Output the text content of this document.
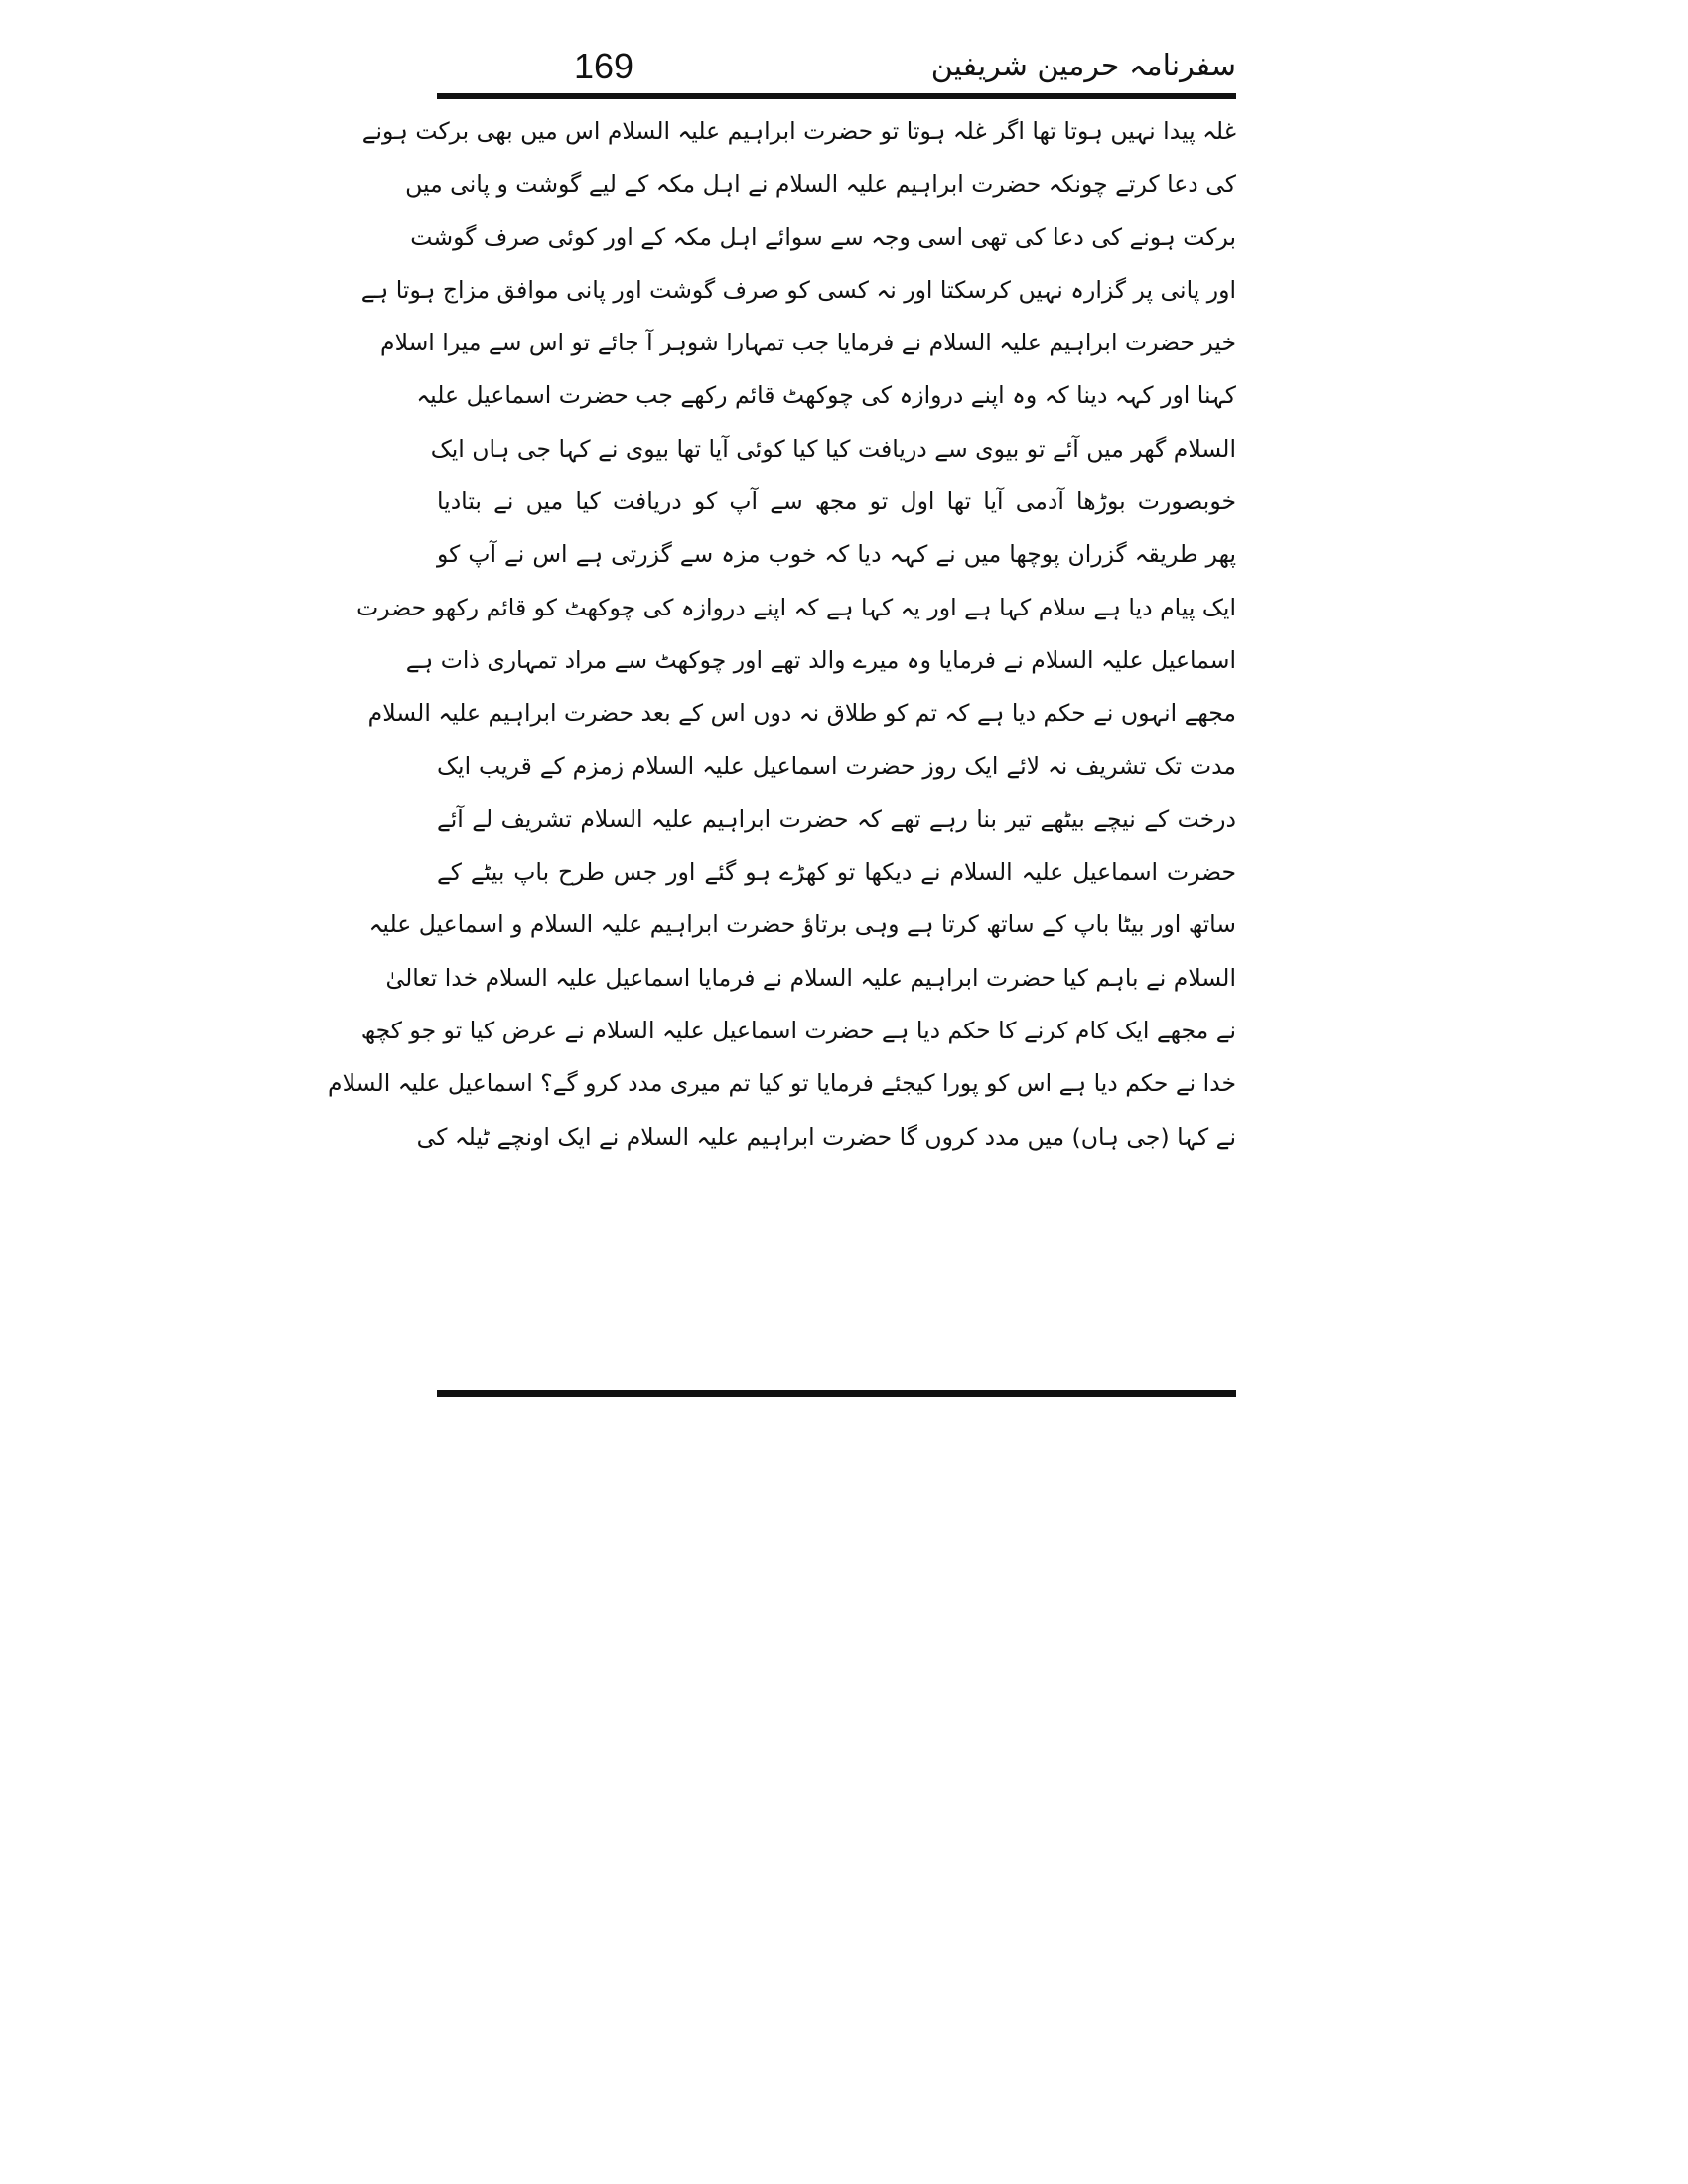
169	سفرنامہ حرمین شریفین
غلہ پیدا نہیں ہوتا تھا اگر غلہ ہوتا تو حضرت ابراہیم علیہ السلام اس میں بھی برکت ہونے
کی دعا کرتے چونکہ حضرت ابراہیم علیہ السلام نے اہل مکہ کے لیے گوشت و پانی میں
برکت ہونے کی دعا کی تھی اسی وجہ سے سوائے اہل مکہ کے اور کوئی صرف گوشت
اور پانی پر گزارہ نہیں کرسکتا اور نہ کسی کو صرف گوشت اور پانی موافق مزاج ہوتا ہے
خیر حضرت ابراہیم علیہ السلام نے فرمایا جب تمہارا شوہر آ جائے تو اس سے میرا اسلام
کہنا اور کہہ دینا کہ وہ اپنے دروازہ کی چوکھٹ قائم رکھے جب حضرت اسماعیل علیہ
السلام گھر میں آئے تو بیوی سے دریافت کیا کیا کوئی آیا تھا بیوی نے کہا جی ہاں ایک
خوبصورت بوڑھا آدمی آیا تھا اول تو مجھ سے آپ کو دریافت کیا میں نے بتادیا
پھر طریقہ گزران پوچھا میں نے کہہ دیا کہ خوب مزہ سے گزرتی ہے اس نے آپ کو
ایک پیام دیا ہے سلام کہا ہے اور یہ کہا ہے کہ اپنے دروازہ کی چوکھٹ کو قائم رکھو حضرت
اسماعیل علیہ السلام نے فرمایا وہ میرے والد تھے اور چوکھٹ سے مراد تمہاری ذات ہے
مجھے انہوں نے حکم دیا ہے کہ تم کو طلاق نہ دوں اس کے بعد حضرت ابراہیم علیہ السلام
مدت تک تشریف نہ لائے ایک روز حضرت اسماعیل علیہ السلام زمزم کے قریب ایک
درخت کے نیچے بیٹھے تیر بنا رہے تھے کہ حضرت ابراہیم علیہ السلام تشریف لے آئے
حضرت اسماعیل علیہ السلام نے دیکھا تو کھڑے ہو گئے اور جس طرح باپ بیٹے کے
ساتھ اور بیٹا باپ کے ساتھ کرتا ہے وہی برتاؤ حضرت ابراہیم علیہ السلام و اسماعیل علیہ
السلام نے باہم کیا حضرت ابراہیم علیہ السلام نے فرمایا اسماعیل علیہ السلام خدا تعالیٰ
نے مجھے ایک کام کرنے کا حکم دیا ہے حضرت اسماعیل علیہ السلام نے عرض کیا تو جو کچھ
خدا نے حکم دیا ہے اس کو پورا کیجئے فرمایا تو کیا تم میری مدد کرو گے؟ اسماعیل علیہ السلام
نے کہا (جی ہاں) میں مدد کروں گا حضرت ابراہیم علیہ السلام نے ایک اونچے ٹیلہ کی
